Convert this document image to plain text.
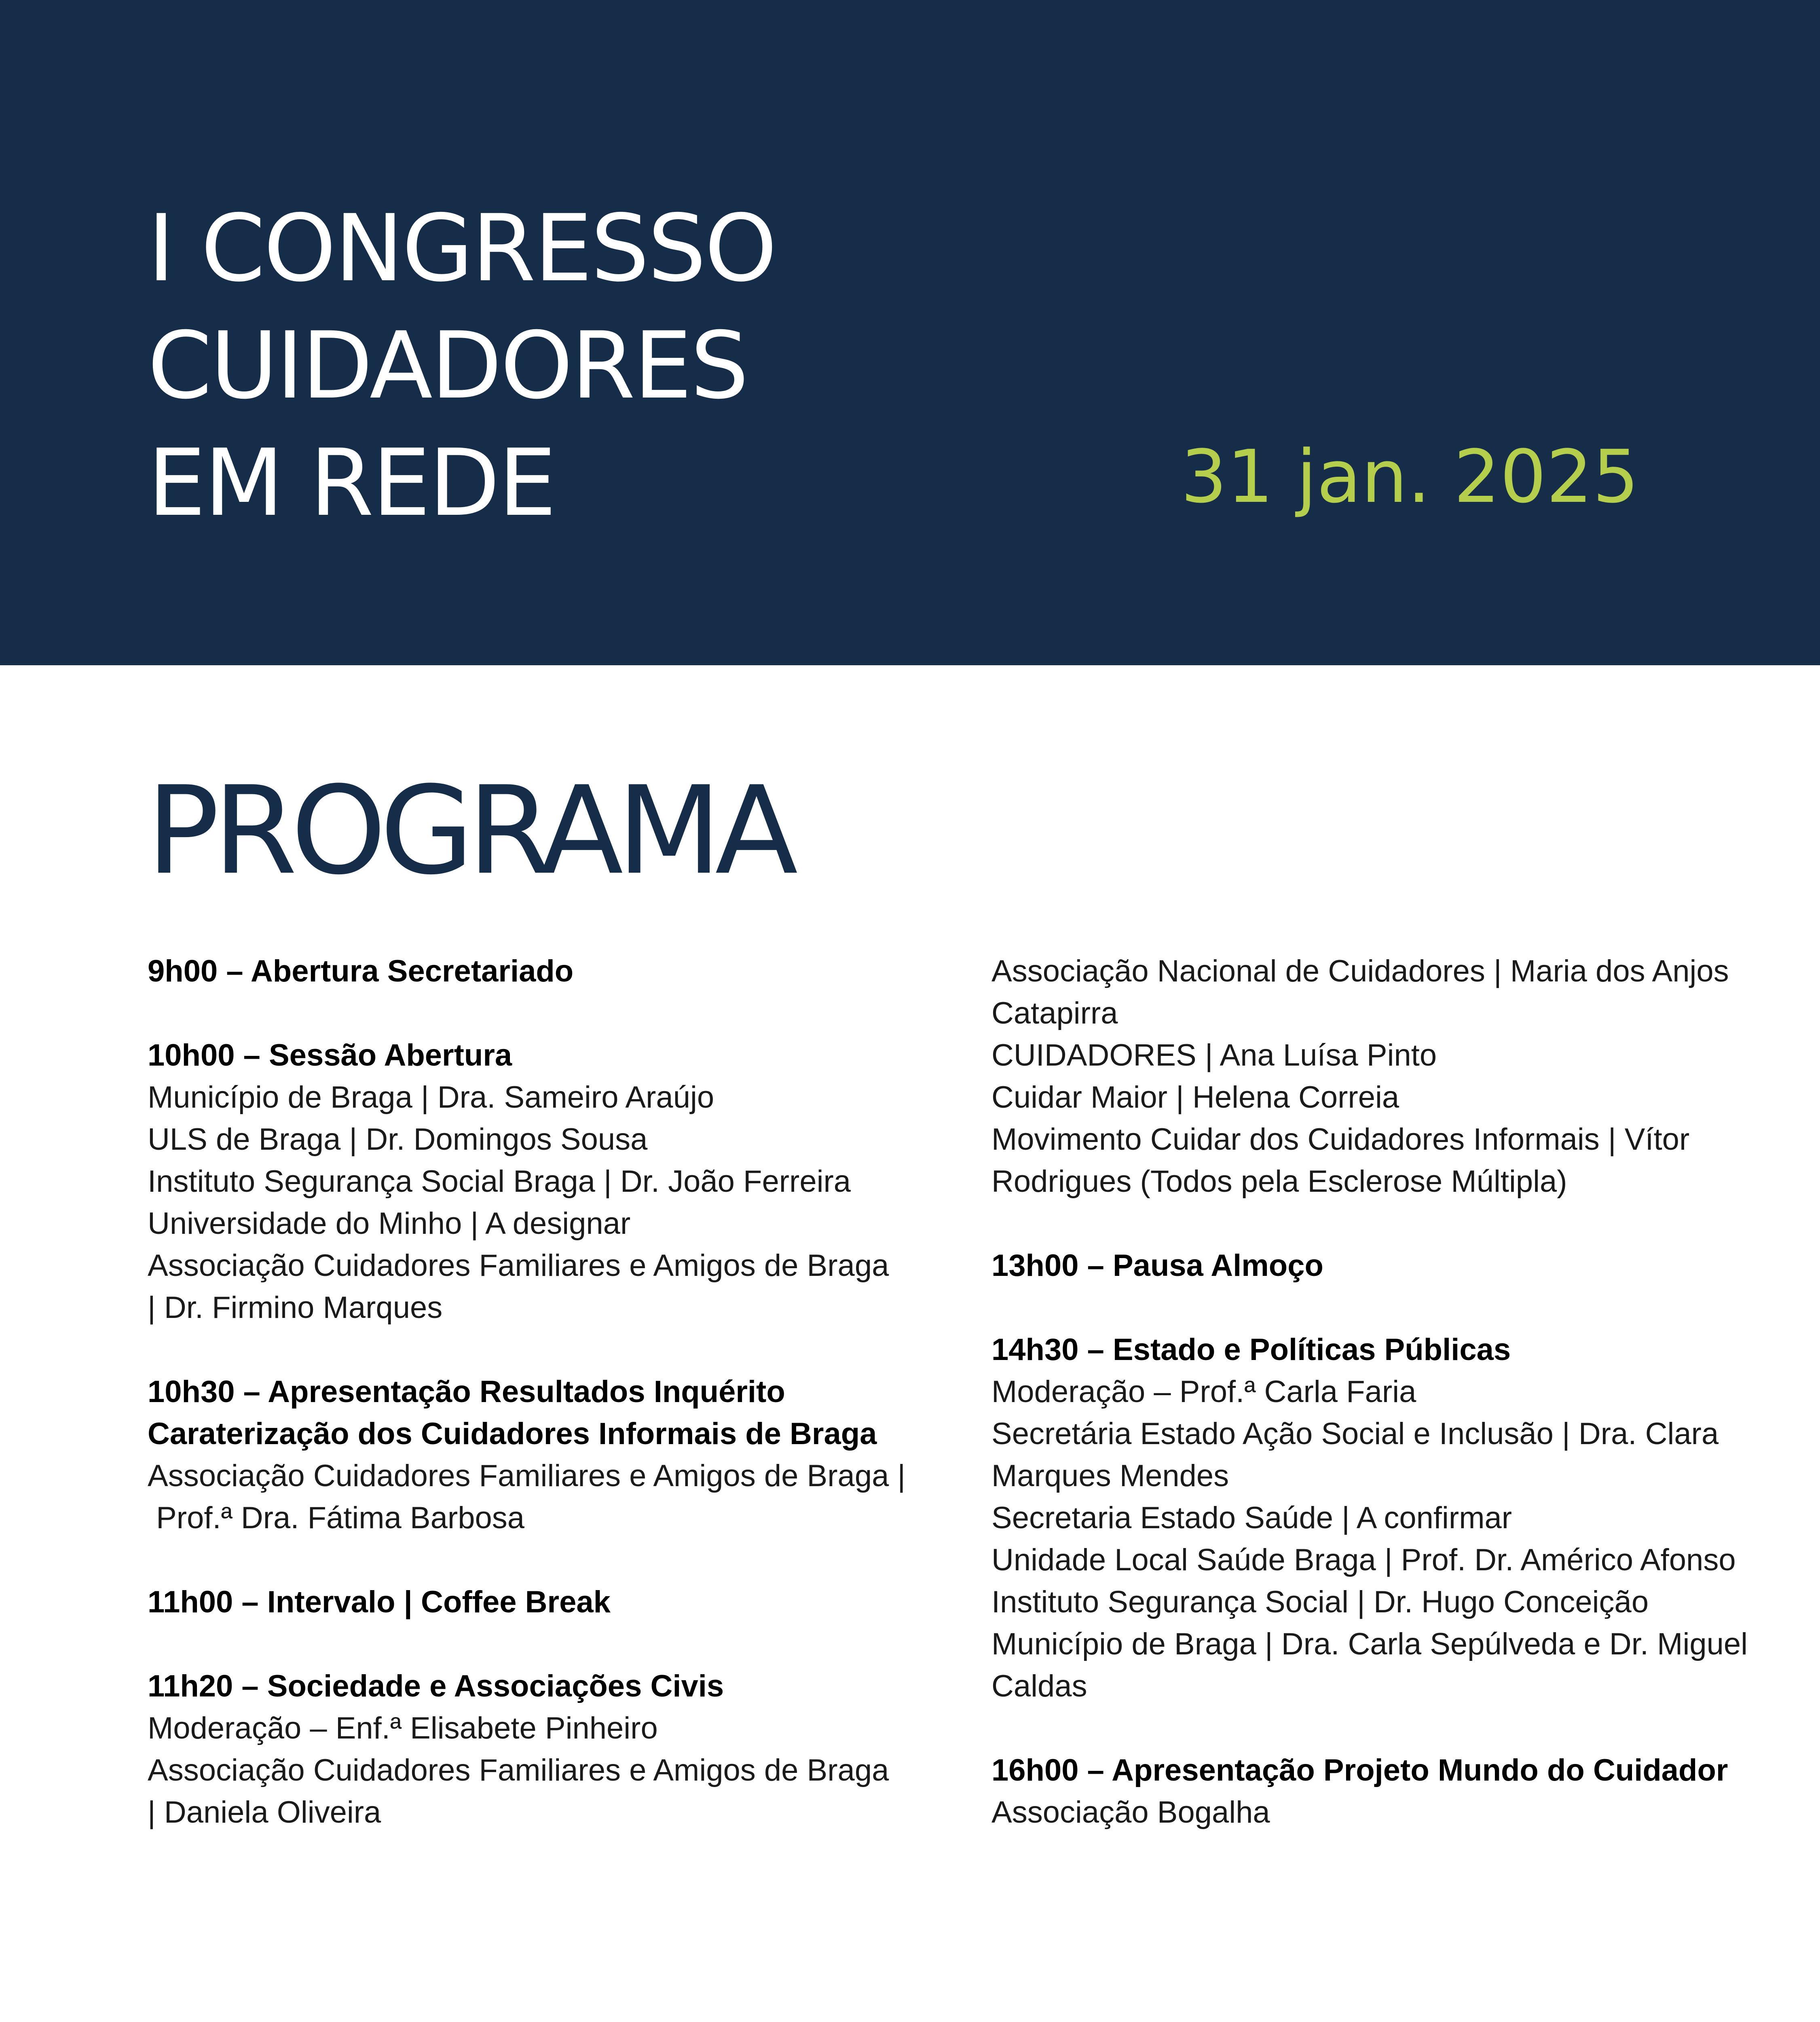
I CONGRESSO
CUIDADORES
EM REDE	31 jan. 2025
PROGRAMA
9h00 – Abertura Secretariado
10h00 – Sessão Abertura
Município de Braga | Dra. Sameiro Araújo
ULS de Braga | Dr. Domingos Sousa
Instituto Segurança Social Braga | Dr. João Ferreira
Universidade do Minho | A designar
Associação Cuidadores Familiares e Amigos de Braga
| Dr. Firmino Marques
10h30 – Apresentação Resultados Inquérito
Caraterização dos Cuidadores Informais de Braga
Associação Cuidadores Familiares e Amigos de Braga |
Prof.ª Dra. Fátima Barbosa
11h00 – Intervalo | Coffee Break
11h20 – Sociedade e Associações Civis
Moderação – Enf.ª Elisabete Pinheiro
Associação Cuidadores Familiares e Amigos de Braga
| Daniela Oliveira
Associação Nacional de Cuidadores | Maria dos Anjos
Catapirra
CUIDADORES | Ana Luísa Pinto
Cuidar Maior | Helena Correia
Movimento Cuidar dos Cuidadores Informais | Vítor
Rodrigues (Todos pela Esclerose Múltipla)
13h00 – Pausa Almoço
14h30 – Estado e Políticas Públicas
Moderação – Prof.ª Carla Faria
Secretária Estado Ação Social e Inclusão | Dra. Clara
Marques Mendes
Secretaria Estado Saúde | A confirmar
Unidade Local Saúde Braga | Prof. Dr. Américo Afonso
Instituto Segurança Social | Dr. Hugo Conceição
Município de Braga | Dra. Carla Sepúlveda e Dr. Miguel
Caldas
16h00 – Apresentação Projeto Mundo do Cuidador
Associação Bogalha
